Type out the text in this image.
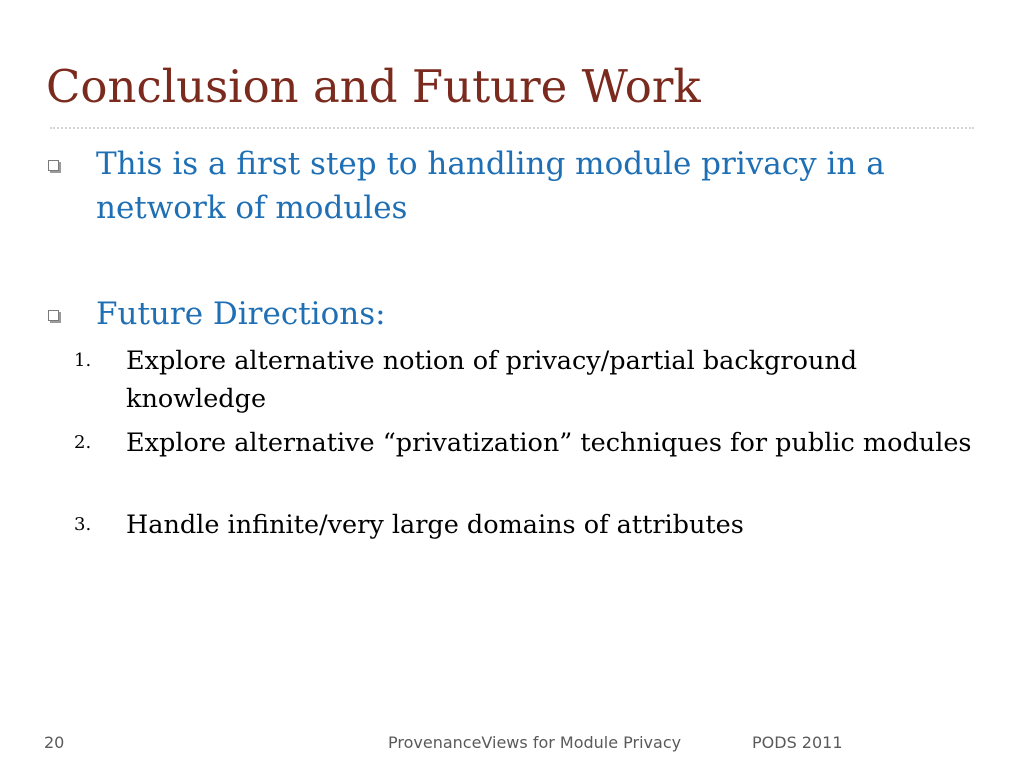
Conclusion and Future Work
This is a first step to handling module privacy in a network of modules
Future Directions:
1. Explore alternative notion of privacy/partial background knowledge
2. Explore alternative “privatization” techniques for public modules
3. Handle infinite/very large domains of attributes
20	ProvenanceViews for Module Privacy	PODS 2011
